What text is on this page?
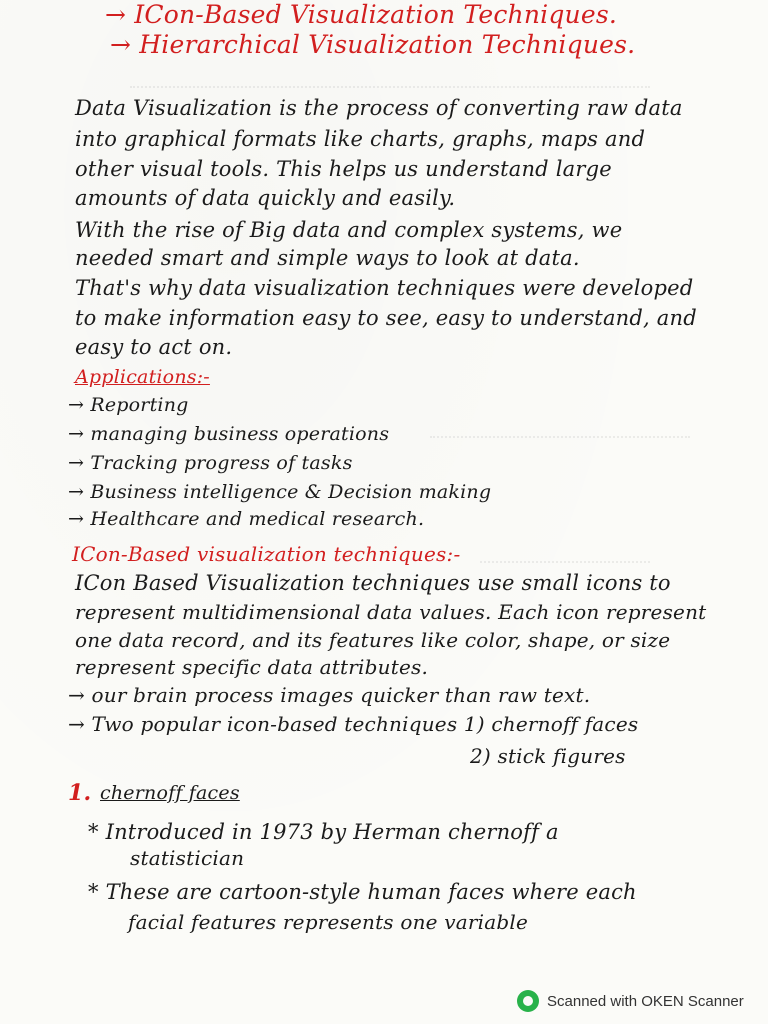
→ ICon-Based Visualization Techniques.
→ Hierarchical Visualization Techniques.
Data Visualization is the process of converting raw data
into graphical formats like charts, graphs, maps and
other visual tools. This helps us understand large
amounts of data quickly and easily.
With the rise of Big data and complex systems, we
needed smart and simple ways to look at data.
That's why data visualization techniques were developed
to make information easy to see, easy to understand, and
easy to act on.
Applications:-
→ Reporting
→ managing business operations
→ Tracking progress of tasks
→ Business intelligence & Decision making
→ Healthcare and medical research.
ICon-Based visualization techniques:-
ICon Based Visualization techniques use small icons to
represent multidimensional data values. Each icon represent
one data record, and its features like color, shape, or size
represent specific data attributes.
→ our brain process images quicker than raw text.
→ Two popular icon-based techniques 1) chernoff faces
2) stick figures
1. chernoff faces
* Introduced in 1973 by Herman chernoff a
statistician
* These are cartoon-style human faces where each
facial features represents one variable
Scanned with OKEN Scanner
